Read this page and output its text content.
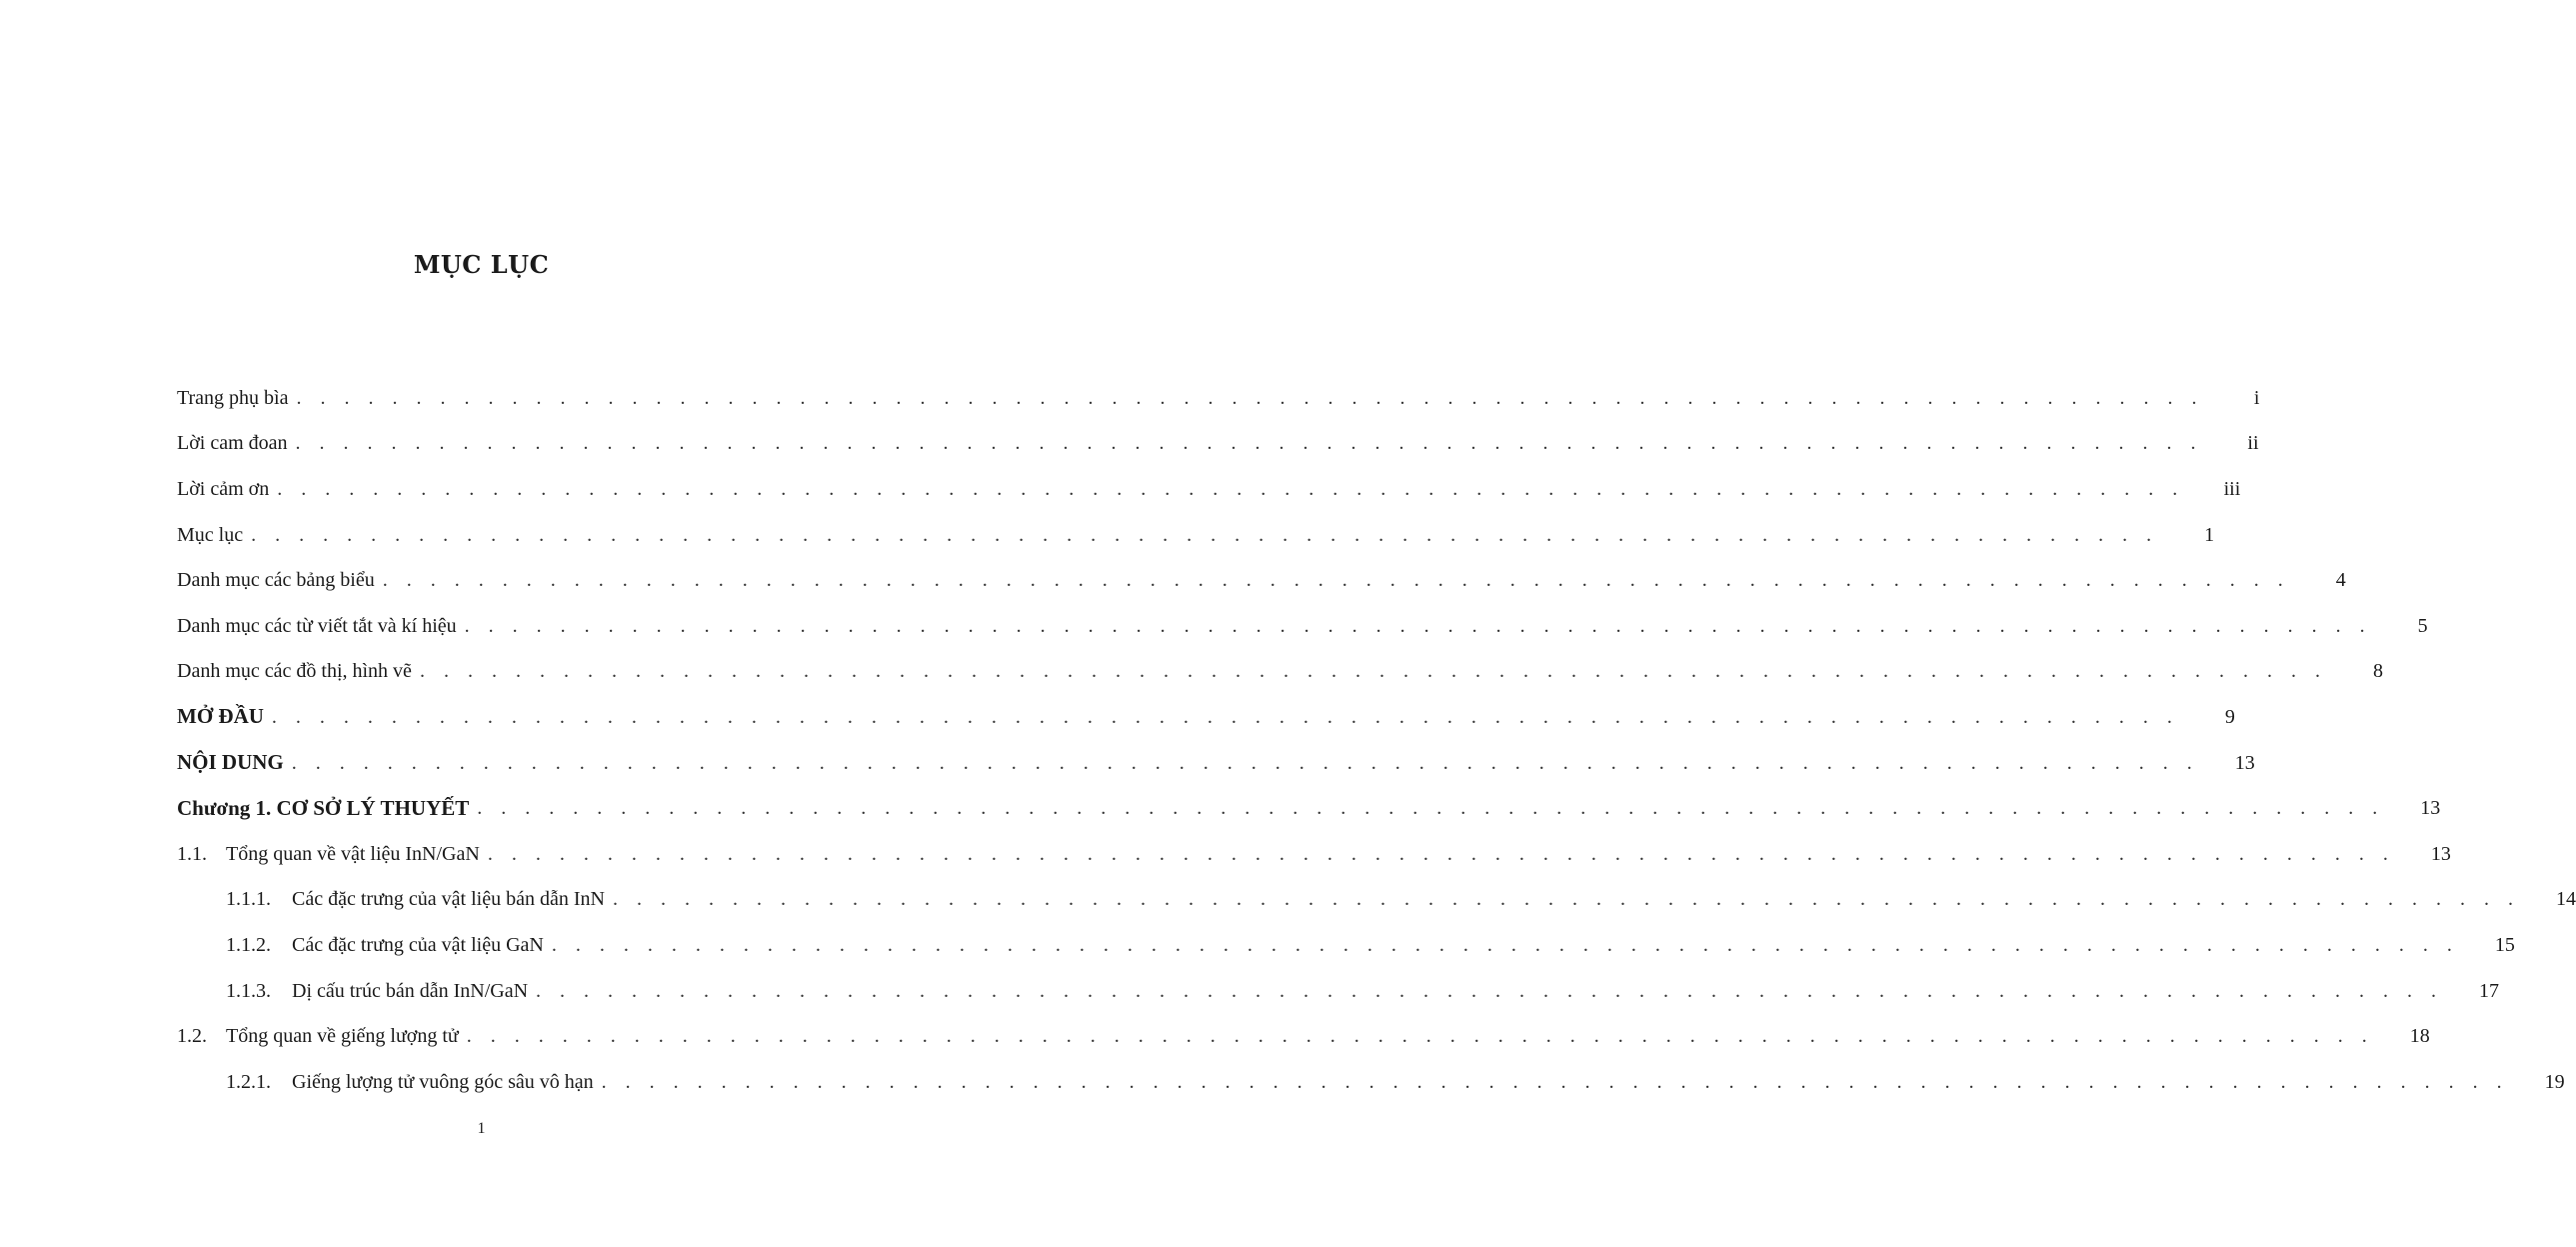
MỤC LỤC
Trang phụ bìa . . . . . . . . . . . . . . . . . . . . . . . . . . . . . . . . . . . . . . . . . . . . . . . . . . . . . . . . . . . . . . . . . . . . . . . . . . . . . . . .	i
Lời cam đoan . . . . . . . . . . . . . . . . . . . . . . . . . . . . . . . . . . . . . . . . . . . . . . . . . . . . . . . . . . . . . . . . . . . . . . . . . . . . . . . .	ii
Lời cảm ơn . . . . . . . . . . . . . . . . . . . . . . . . . . . . . . . . . . . . . . . . . . . . . . . . . . . . . . . . . . . . . . . . . . . . . . . . . . . . . . . .	iii
Mục lục . . . . . . . . . . . . . . . . . . . . . . . . . . . . . . . . . . . . . . . . . . . . . . . . . . . . . . . . . . . . . . . . . . . . . . . . . . . . . . . .	1
Danh mục các bảng biểu . . . . . . . . . . . . . . . . . . . . . . . . . . . . . . . . . . . . . . . . . . . . . . . . . . . . . . . . . . . . . . . . . . . . . . . . . . . . . . . .	4
Danh mục các từ viết tắt và kí hiệu . . . . . . . . . . . . . . . . . . . . . . . . . . . . . . . . . . . . . . . . . . . . . . . . . . . . . . . . . . . . . . . . . . . . . . . . . . . . . . . .	5
Danh mục các đồ thị, hình vẽ . . . . . . . . . . . . . . . . . . . . . . . . . . . . . . . . . . . . . . . . . . . . . . . . . . . . . . . . . . . . . . . . . . . . . . . . . . . . . . . .	8
MỞ ĐẦU . . . . . . . . . . . . . . . . . . . . . . . . . . . . . . . . . . . . . . . . . . . . . . . . . . . . . . . . . . . . . . . . . . . . . . . . . . . . . . . .	9
NỘI DUNG . . . . . . . . . . . . . . . . . . . . . . . . . . . . . . . . . . . . . . . . . . . . . . . . . . . . . . . . . . . . . . . . . . . . . . . . . . . . . . . .	13
Chương 1. CƠ SỞ LÝ THUYẾT . . . . . . . . . . . . . . . . . . . . . . . . . . . . . . . . . . . . . . . . . . . . . . . . . . . . . . . . . . . . . . . . . . . . . . . . . . . . . . . .	13
1.1. Tổng quan về vật liệu InN/GaN . . . . . . . . . . . . . . . . . . . . . . . . . . . . . . . . . . . . . . . . . . . . . . . . . . . . . . . . . . . . . . . . . . . . . . . . . . . . . . . .	13
1.1.1.	Các đặc trưng của vật liệu bán dẫn InN . . . . . . . . . . . . . . . . . . . . . . . . . . . . . . . . . . . . . . . . . . . . . . . . . . . . . . . . . . . . . . . . . . . . . . . . . . . . . . . .	14
1.1.2.	Các đặc trưng của vật liệu GaN . . . . . . . . . . . . . . . . . . . . . . . . . . . . . . . . . . . . . . . . . . . . . . . . . . . . . . . . . . . . . . . . . . . . . . . . . . . . . . . .	15
1.1.3.	Dị cấu trúc bán dẫn InN/GaN . . . . . . . . . . . . . . . . . . . . . . . . . . . . . . . . . . . . . . . . . . . . . . . . . . . . . . . . . . . . . . . . . . . . . . . . . . . . . . . .	17
1.2. Tổng quan về giếng lượng tử . . . . . . . . . . . . . . . . . . . . . . . . . . . . . . . . . . . . . . . . . . . . . . . . . . . . . . . . . . . . . . . . . . . . . . . . . . . . . . . .	18
1.2.1.	Giếng lượng tử vuông góc sâu vô hạn . . . . . . . . . . . . . . . . . . . . . . . . . . . . . . . . . . . . . . . . . . . . . . . . . . . . . . . . . . . . . . . . . . . . . . . . . . . . . . . .	19
1
